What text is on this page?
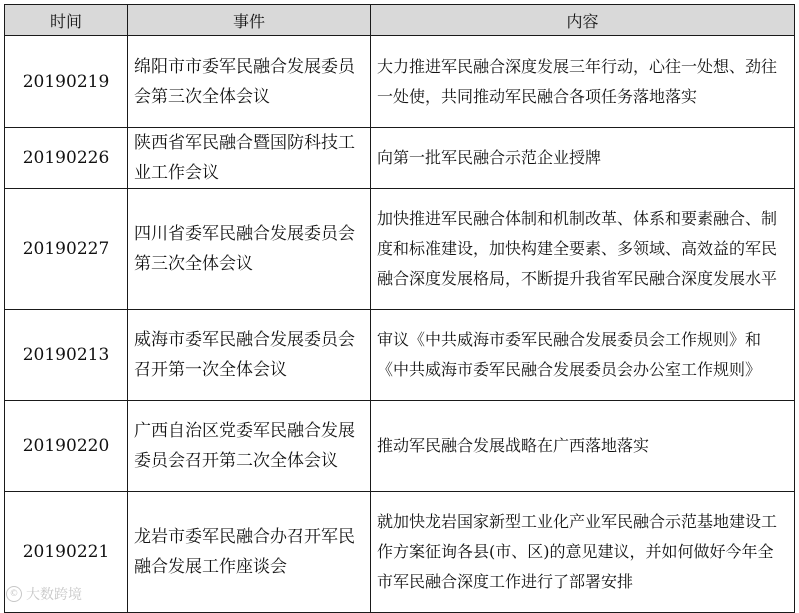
时间	事件	内容
20190219	绵阳市市委军民融合发展委员会第三次全体会议	大力推进军民融合深度发展三年行动，心往一处想、劲往一处使，共同推动军民融合各项任务落地落实
20190226	陕西省军民融合暨国防科技工业工作会议	向第一批军民融合示范企业授牌
20190227	四川省委军民融合发展委员会第三次全体会议	加快推进军民融合体制和机制改革、体系和要素融合、制度和标准建设，加快构建全要素、多领域、高效益的军民融合深度发展格局，不断提升我省军民融合深度发展水平
20190213	威海市委军民融合发展委员会召开第一次全体会议	审议《中共威海市委军民融合发展委员会工作规则》和《中共威海市委军民融合发展委员会办公室工作规则》
20190220	广西自治区党委军民融合发展委员会召开第二次全体会议	推动军民融合发展战略在广西落地落实
20190221	龙岩市委军民融合办召开军民融合发展工作座谈会	就加快龙岩国家新型工业化产业军民融合示范基地建设工作方案征询各县(市、区)的意见建议，并如何做好今年全市军民融合深度工作进行了部署安排
© 大数跨境
